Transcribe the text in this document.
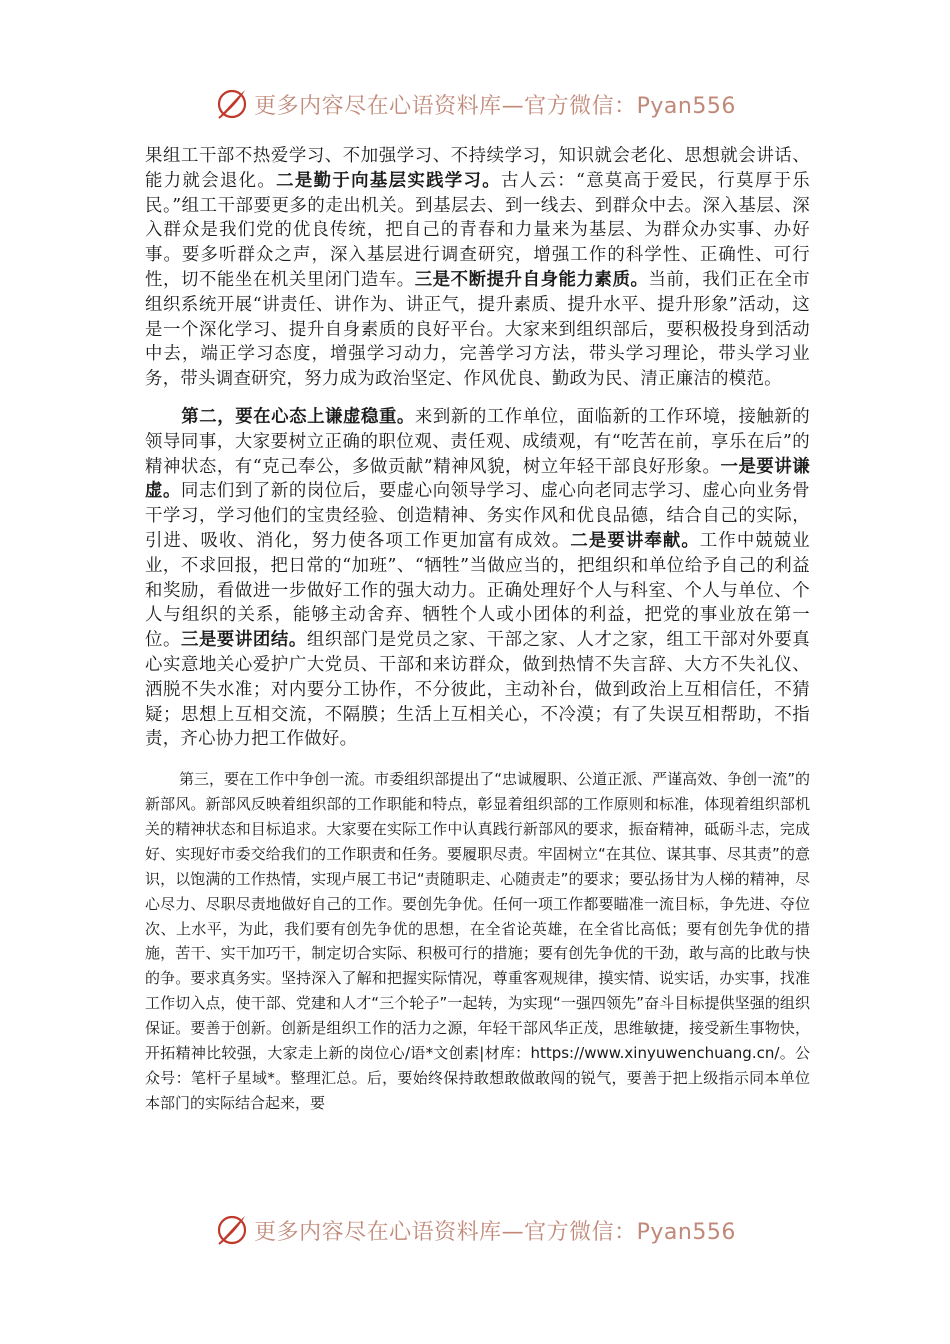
更多内容尽在心语资料库—官方微信：Pyan556

果组工干部不热爱学习、不加强学习、不持续学习，知识就会老化、思想就会讲话、能力就会退化。二是勤于向基层实践学习。古人云：“意莫高于爱民，行莫厚于乐民。”组工干部要更多的走出机关。到基层去、到一线去、到群众中去。深入基层、深入群众是我们党的优良传统，把自己的青春和力量来为基层、为群众办实事、办好事。要多听群众之声，深入基层进行调查研究，增强工作的科学性、正确性、可行性，切不能坐在机关里闭门造车。三是不断提升自身能力素质。当前，我们正在全市组织系统开展“讲责任、讲作为、讲正气，提升素质、提升水平、提升形象”活动，这是一个深化学习、提升自身素质的良好平台。大家来到组织部后，要积极投身到活动中去，端正学习态度，增强学习动力，完善学习方法，带头学习理论，带头学习业务，带头调查研究，努力成为政治坚定、作风优良、勤政为民、清正廉洁的模范。

第二，要在心态上谦虚稳重。来到新的工作单位，面临新的工作环境，接触新的领导同事，大家要树立正确的职位观、责任观、成绩观，有“吃苦在前，享乐在后”的精神状态，有“克己奉公，多做贡献”精神风貌，树立年轻干部良好形象。一是要讲谦虚。同志们到了新的岗位后，要虚心向领导学习、虚心向老同志学习、虚心向业务骨干学习，学习他们的宝贵经验、创造精神、务实作风和优良品德，结合自己的实际，引进、吸收、消化，努力使各项工作更加富有成效。二是要讲奉献。工作中兢兢业业，不求回报，把日常的“加班”、“牺牲”当做应当的，把组织和单位给予自己的利益和奖励，看做进一步做好工作的强大动力。正确处理好个人与科室、个人与单位、个人与组织的关系，能够主动舍弃、牺牲个人或小团体的利益，把党的事业放在第一位。三是要讲团结。组织部门是党员之家、干部之家、人才之家，组工干部对外要真心实意地关心爱护广大党员、干部和来访群众，做到热情不失言辞、大方不失礼仪、洒脱不失水准；对内要分工协作，不分彼此，主动补台，做到政治上互相信任，不猜疑；思想上互相交流，不隔膜；生活上互相关心，不冷漠；有了失误互相帮助，不指责，齐心协力把工作做好。

第三，要在工作中争创一流。市委组织部提出了“忠诚履职、公道正派、严谨高效、争创一流”的新部风。新部风反映着组织部的工作职能和特点，彰显着组织部的工作原则和标准，体现着组织部机关的精神状态和目标追求。大家要在实际工作中认真践行新部风的要求，振奋精神，砥砺斗志，完成好、实现好市委交给我们的工作职责和任务。要履职尽责。牢固树立“在其位、谋其事、尽其责”的意识，以饱满的工作热情，实现卢展工书记“责随职走、心随责走”的要求；要弘扬甘为人梯的精神，尽心尽力、尽职尽责地做好自己的工作。要创先争优。任何一项工作都要瞄准一流目标，争先进、夺位次、上水平，为此，我们要有创先争优的思想，在全省论英雄，在全省比高低；要有创先争优的措施，苦干、实干加巧干，制定切合实际、积极可行的措施；要有创先争优的干劲，敢与高的比敢与快的争。要求真务实。坚持深入了解和把握实际情况，尊重客观规律，摸实情、说实话，办实事，找准工作切入点，使干部、党建和人才“三个轮子”一起转，为实现“一强四领先”奋斗目标提供坚强的组织保证。要善于创新。创新是组织工作的活力之源，年轻干部风华正茂，思维敏捷，接受新生事物快，开拓精神比较强，大家走上新的岗位心/语*文创素|材库：https://www.xinyuwenchuang.cn/。公众号：笔杆子星域*。整理汇总。后，要始终保持敢想敢做敢闯的锐气，要善于把上级指示同本单位本部门的实际结合起来，要

更多内容尽在心语资料库—官方微信：Pyan556
